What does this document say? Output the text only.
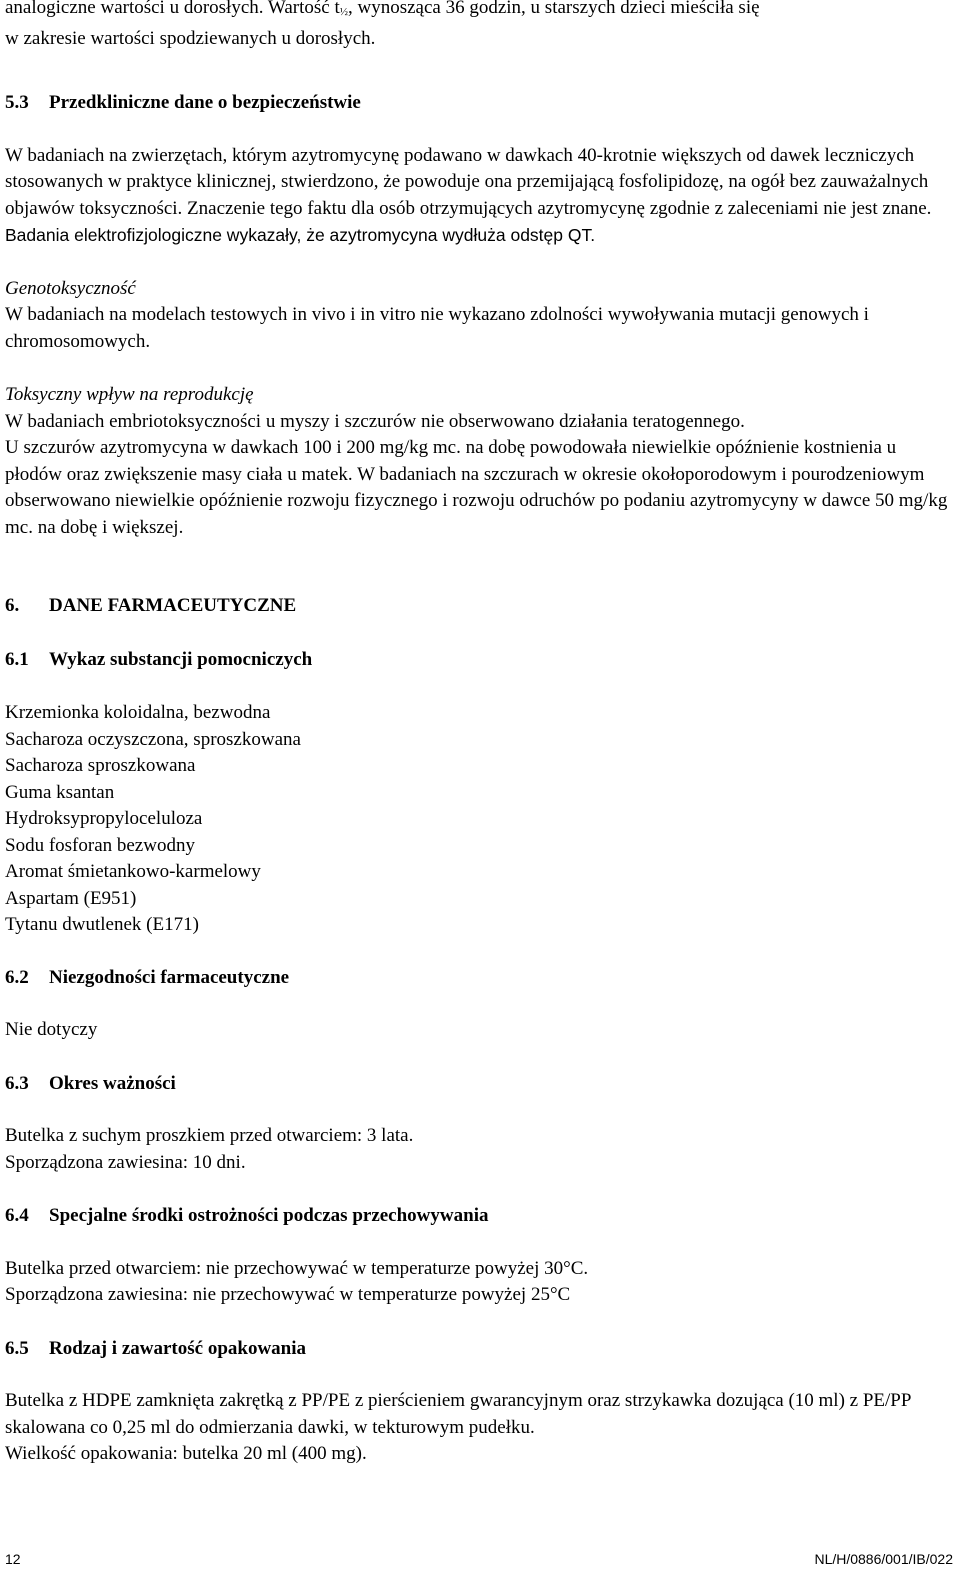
analogiczne wartości u dorosłych. Wartość t½, wynosząca 36 godzin, u starszych dzieci mieściła się

w zakresie wartości spodziewanych u dorosłych.

5.3 Przedkliniczne dane o bezpieczeństwie

W badaniach na zwierzętach, którym azytromycynę podawano w dawkach 40-krotnie większych od dawek leczniczych stosowanych w praktyce klinicznej, stwierdzono, że powoduje ona przemijającą fosfolipidozę, na ogół bez zauważalnych objawów toksyczności. Znaczenie tego faktu dla osób otrzymujących azytromycynę zgodnie z zaleceniami nie jest znane.

Badania elektrofizjologiczne wykazały, że azytromycyna wydłuża odstęp QT.

Genotoksyczność

W badaniach na modelach testowych in vivo i in vitro nie wykazano zdolności wywoływania mutacji genowych i chromosomowych.

Toksyczny wpływ na reprodukcję

W badaniach embriotoksyczności u myszy i szczurów nie obserwowano działania teratogennego.

U szczurów azytromycyna w dawkach 100 i 200 mg/kg mc. na dobę powodowała niewielkie opóźnienie kostnienia u płodów oraz zwiększenie masy ciała u matek. W badaniach na szczurach w okresie okołoporodowym i pourodzeniowym obserwowano niewielkie opóźnienie rozwoju fizycznego i rozwoju odruchów po podaniu azytromycyny w dawce 50 mg/kg mc. na dobę i większej.

6. DANE FARMACEUTYCZNE

6.1 Wykaz substancji pomocniczych

Krzemionka koloidalna, bezwodna

Sacharoza oczyszczona, sproszkowana

Sacharoza sproszkowana

Guma ksantan

Hydroksypropyloceluloza

Sodu fosforan bezwodny

Aromat śmietankowo-karmelowy

Aspartam (E951)

Tytanu dwutlenek (E171)

6.2 Niezgodności farmaceutyczne

Nie dotyczy

6.3 Okres ważności

Butelka z suchym proszkiem przed otwarciem: 3 lata.

Sporządzona zawiesina: 10 dni.

6.4 Specjalne środki ostrożności podczas przechowywania

Butelka przed otwarciem: nie przechowywać w temperaturze powyżej 30°C.

Sporządzona zawiesina: nie przechowywać w temperaturze powyżej 25°C

6.5 Rodzaj i zawartość opakowania

Butelka z HDPE zamknięta zakrętką z PP/PE z pierścieniem gwarancyjnym oraz strzykawka dozująca (10 ml) z PE/PP skalowana co 0,25 ml do odmierzania dawki, w tekturowym pudełku.

Wielkość opakowania: butelka 20 ml (400 mg).

12	NL/H/0886/001/IB/022
